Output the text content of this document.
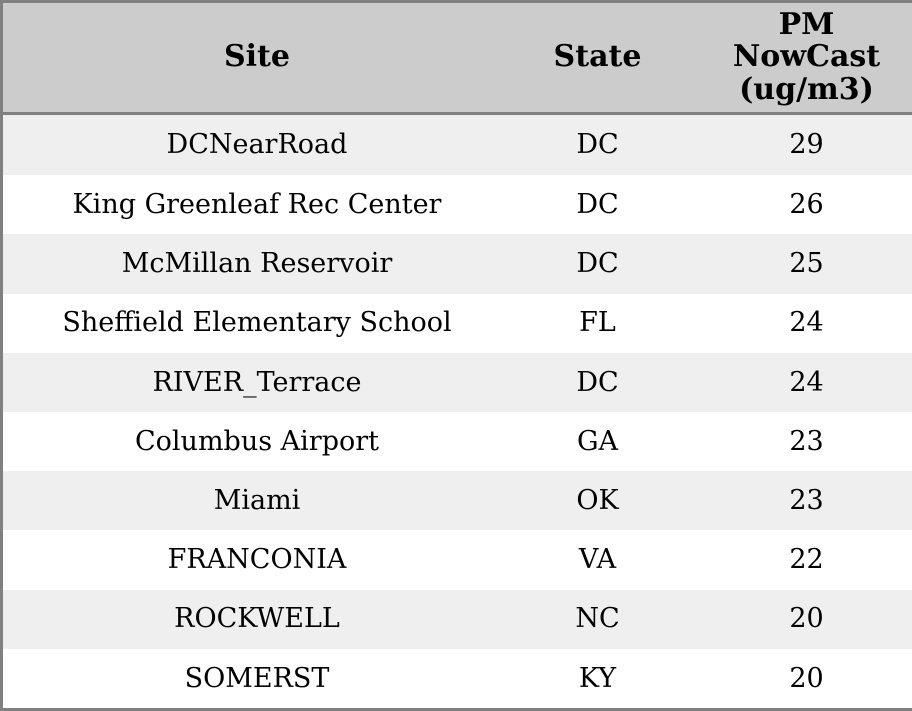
Site	State	PM
NowCast
(ug/m3)

DCNearRoad	DC	29
King Greenleaf Rec Center	DC	26
McMillan Reservoir	DC	25
Sheffield Elementary School	FL	24
RIVER_Terrace	DC	24
Columbus Airport	GA	23
Miami	OK	23
FRANCONIA	VA	22
ROCKWELL	NC	20
SOMERST	KY	20
